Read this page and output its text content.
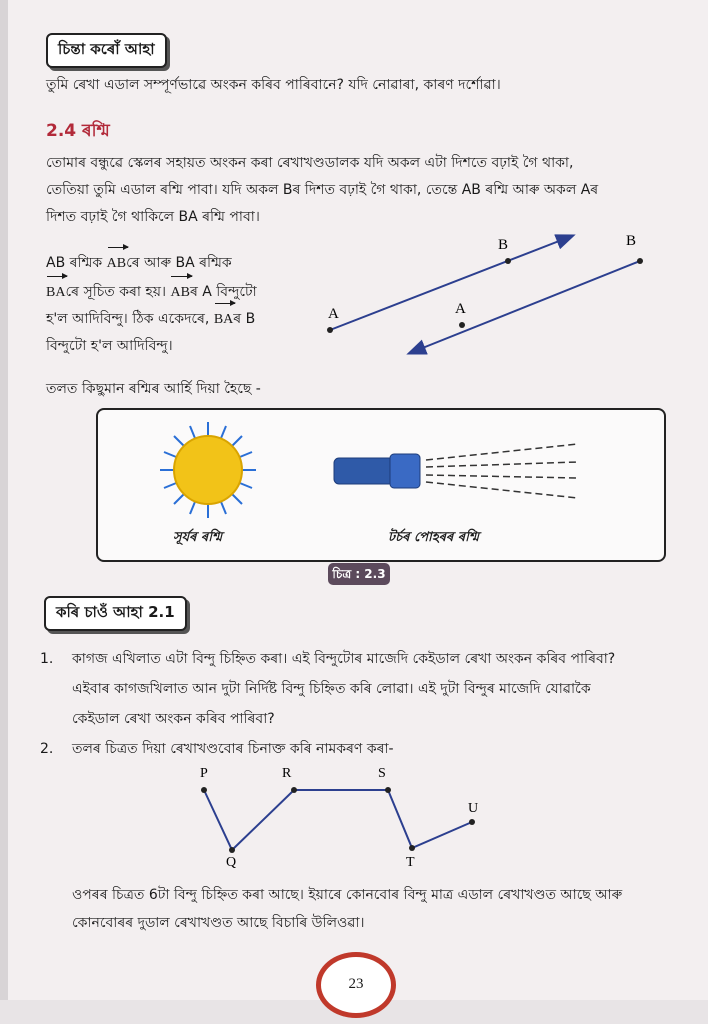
চিন্তা কৰোঁ আহা
তুমি ৰেখা এডাল সম্পূর্ণভাৱে অংকন কৰিব পাৰিবানে? যদি নোৱাৰা, কাৰণ দর্শোৱা।
2.4 ৰশ্মি
তোমাৰ বন্ধুৱে স্কেলৰ সহায়ত অংকন কৰা ৰেখাখণ্ডডালক যদি অকল এটা দিশতে বঢ়াই গৈ থাকা,
তেতিয়া তুমি এডাল ৰশ্মি পাবা। যদি অকল Bৰ দিশত বঢ়াই গৈ থাকা, তেন্তে AB ৰশ্মি আৰু অকল Aৰ
দিশত বঢ়াই গৈ থাকিলে BA ৰশ্মি পাবা।
AB ৰশ্মিক ABৰে আৰু BA ৰশ্মিক
BAৰে সূচিত কৰা হয়। ABৰ A বিন্দুটো
হ'ল আদিবিন্দু। ঠিক একেদৰে, BAৰ B
বিন্দুটো হ'ল আদিবিন্দু।
A
B	B
A
তলত কিছুমান ৰশ্মিৰ আৰ্হি দিয়া হৈছে -
সূৰ্যৰ ৰশ্মি	টৰ্চৰ পোহৰৰ ৰশ্মি
চিত্ৰ : 2.3
কৰি চাওঁ আহা 2.1
1. কাগজ এখিলাত এটা বিন্দু চিহ্নিত কৰা। এই বিন্দুটোৰ মাজেদি কেইডাল ৰেখা অংকন কৰিব পাৰিবা?
এইবাৰ কাগজখিলাত আন দুটা নির্দিষ্ট বিন্দু চিহ্নিত কৰি লোৱা। এই দুটা বিন্দুৰ মাজেদি যোৱাকৈ
কেইডাল ৰেখা অংকন কৰিব পাৰিবা?
2. তলৰ চিত্ৰত দিয়া ৰেখাখণ্ডবোৰ চিনাক্ত কৰি নামকৰণ কৰা-
P
Q
R	S
T
U
ওপৰৰ চিত্ৰত 6টা বিন্দু চিহ্নিত কৰা আছে। ইয়াৰে কোনবোৰ বিন্দু মাত্ৰ এডাল ৰেখাখণ্ডত আছে আৰু
কোনবোৰৰ দুডাল ৰেখাখণ্ডত আছে বিচাৰি উলিওৱা।
23
